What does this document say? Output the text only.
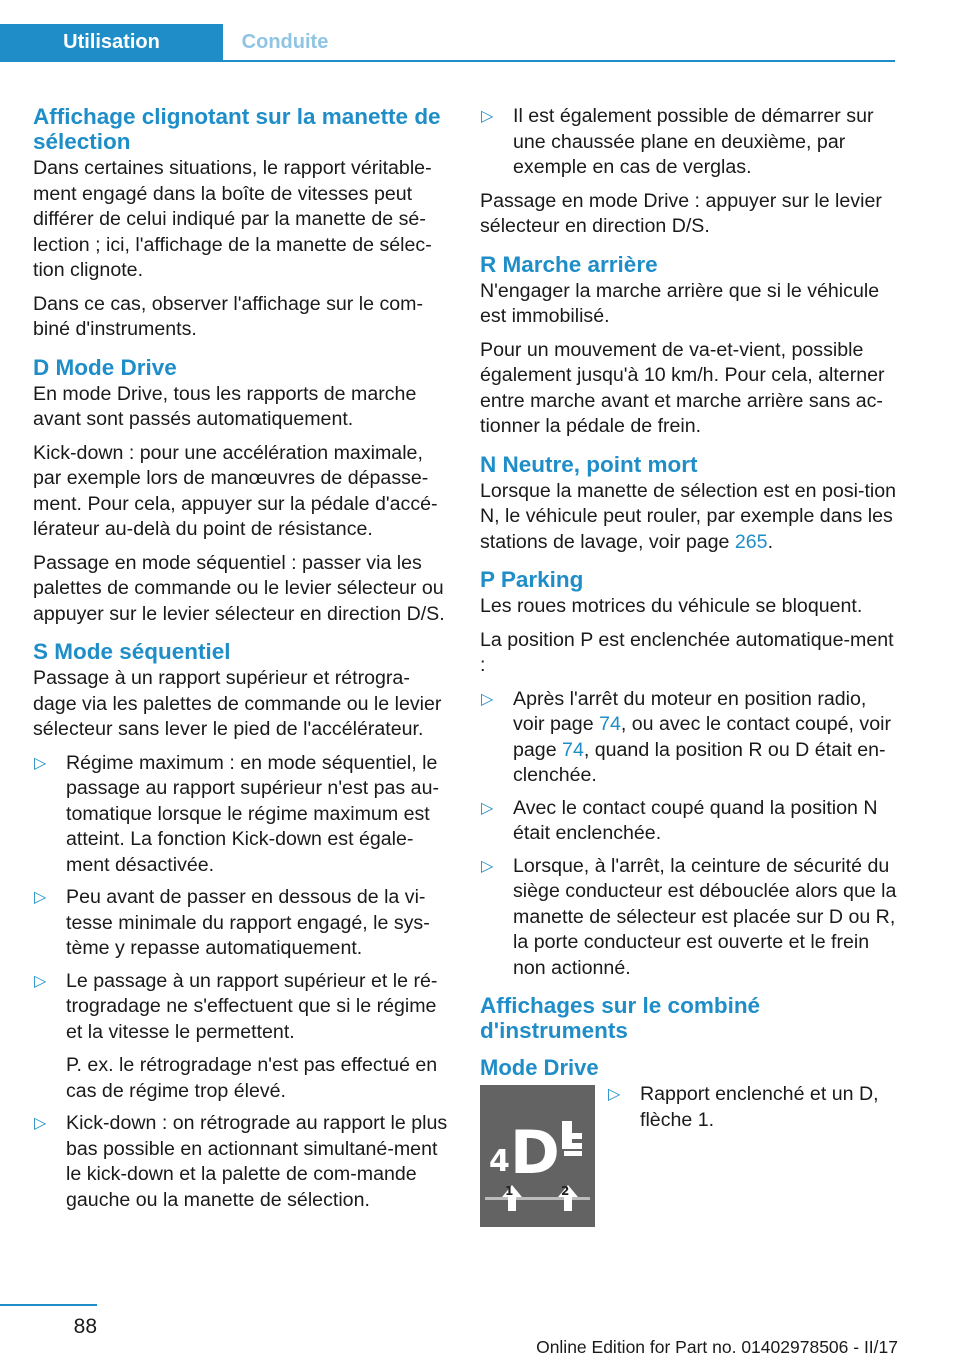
Utilisation	Conduite
Affichage clignotant sur la manette de sélection

Dans certaines situations, le rapport véritable‐ment engagé dans la boîte de vitesses peut différer de celui indiqué par la manette de sé‐lection ; ici, l'affichage de la manette de sélec‐tion clignote.

Dans ce cas, observer l'affichage sur le com‐biné d'instruments.

D Mode Drive

En mode Drive, tous les rapports de marche avant sont passés automatiquement.

Kick-down : pour une accélération maximale, par exemple lors de manœuvres de dépasse‐ment. Pour cela, appuyer sur la pédale d'accé‐lérateur au-delà du point de résistance.

Passage en mode séquentiel : passer via les palettes de commande ou le levier sélecteur ou appuyer sur le levier sélecteur en direction D/S.

S Mode séquentiel

Passage à un rapport supérieur et rétrogra‐dage via les palettes de commande ou le levier sélecteur sans lever le pied de l'accélérateur.

▷ Régime maximum : en mode séquentiel, le passage au rapport supérieur n'est pas au‐tomatique lorsque le régime maximum est atteint. La fonction Kick-down est égale‐ment désactivée.

▷ Peu avant de passer en dessous de la vi‐tesse minimale du rapport engagé, le sys‐tème y repasse automatiquement.

▷ Le passage à un rapport supérieur et le ré‐trogradage ne s'effectuent que si le régime et la vitesse le permettent.

P. ex. le rétrogradage n'est pas effectué en cas de régime trop élevé.

▷ Kick-down : on rétrograde au rapport le plus bas possible en actionnant simultané‐ment le kick-down et la palette de com‐mande gauche ou la manette de sélection.

▷ Il est également possible de démarrer sur une chaussée plane en deuxième, par exemple en cas de verglas.

Passage en mode Drive : appuyer sur le levier sélecteur en direction D/S.

R Marche arrière

N'engager la marche arrière que si le véhicule est immobilisé.

Pour un mouvement de va-et-vient, possible également jusqu'à 10 km/h. Pour cela, alterner entre marche avant et marche arrière sans ac‐tionner la pédale de frein.

N Neutre, point mort

Lorsque la manette de sélection est en posi‐tion N, le véhicule peut rouler, par exemple dans les stations de lavage, voir page 265.

P Parking

Les roues motrices du véhicule se bloquent.

La position P est enclenchée automatique‐ment :

▷ Après l'arrêt du moteur en position radio, voir page 74, ou avec le contact coupé, voir page 74, quand la position R ou D était en‐clenchée.

▷ Avec le contact coupé quand la position N était enclenchée.

▷ Lorsque, à l'arrêt, la ceinture de sécurité du siège conducteur est débouclée alors que la manette de sélecteur est placée sur D ou R, la porte conducteur est ouverte et le frein non actionné.

Affichages sur le combiné d'instruments
Mode Drive
4 D
1	2
▷ Rapport enclenché et un D, flèche 1.

88
Online Edition for Part no. 01402978506 - II/17
